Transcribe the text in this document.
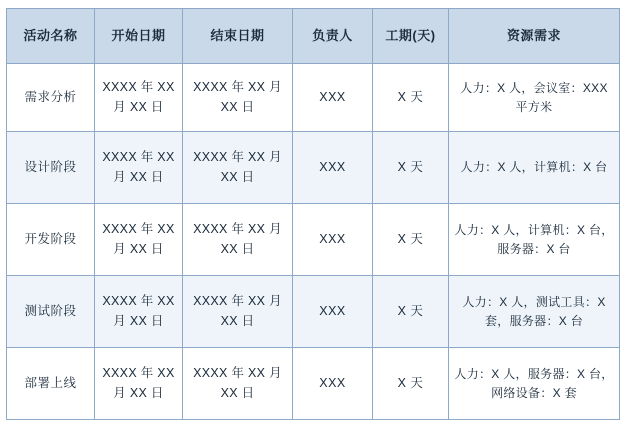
活动名称	开始日期	结束日期	负责人	工期(天)	资源需求
需求分析	XXXX 年 XX 月 XX 日	XXXX 年 XX 月 XX 日	XXX	X 天	人力：X 人，会议室：XXX 平方米
设计阶段	XXXX 年 XX 月 XX 日	XXXX 年 XX 月 XX 日	XXX	X 天	人力：X 人，计算机：X 台
开发阶段	XXXX 年 XX 月 XX 日	XXXX 年 XX 月 XX 日	XXX	X 天	人力：X 人，计算机：X 台，服务器：X 台
测试阶段	XXXX 年 XX 月 XX 日	XXXX 年 XX 月 XX 日	XXX	X 天	人力：X 人，测试工具：X 套，服务器：X 台
部署上线	XXXX 年 XX 月 XX 日	XXXX 年 XX 月 XX 日	XXX	X 天	人力：X 人，服务器：X 台，网络设备：X 套
